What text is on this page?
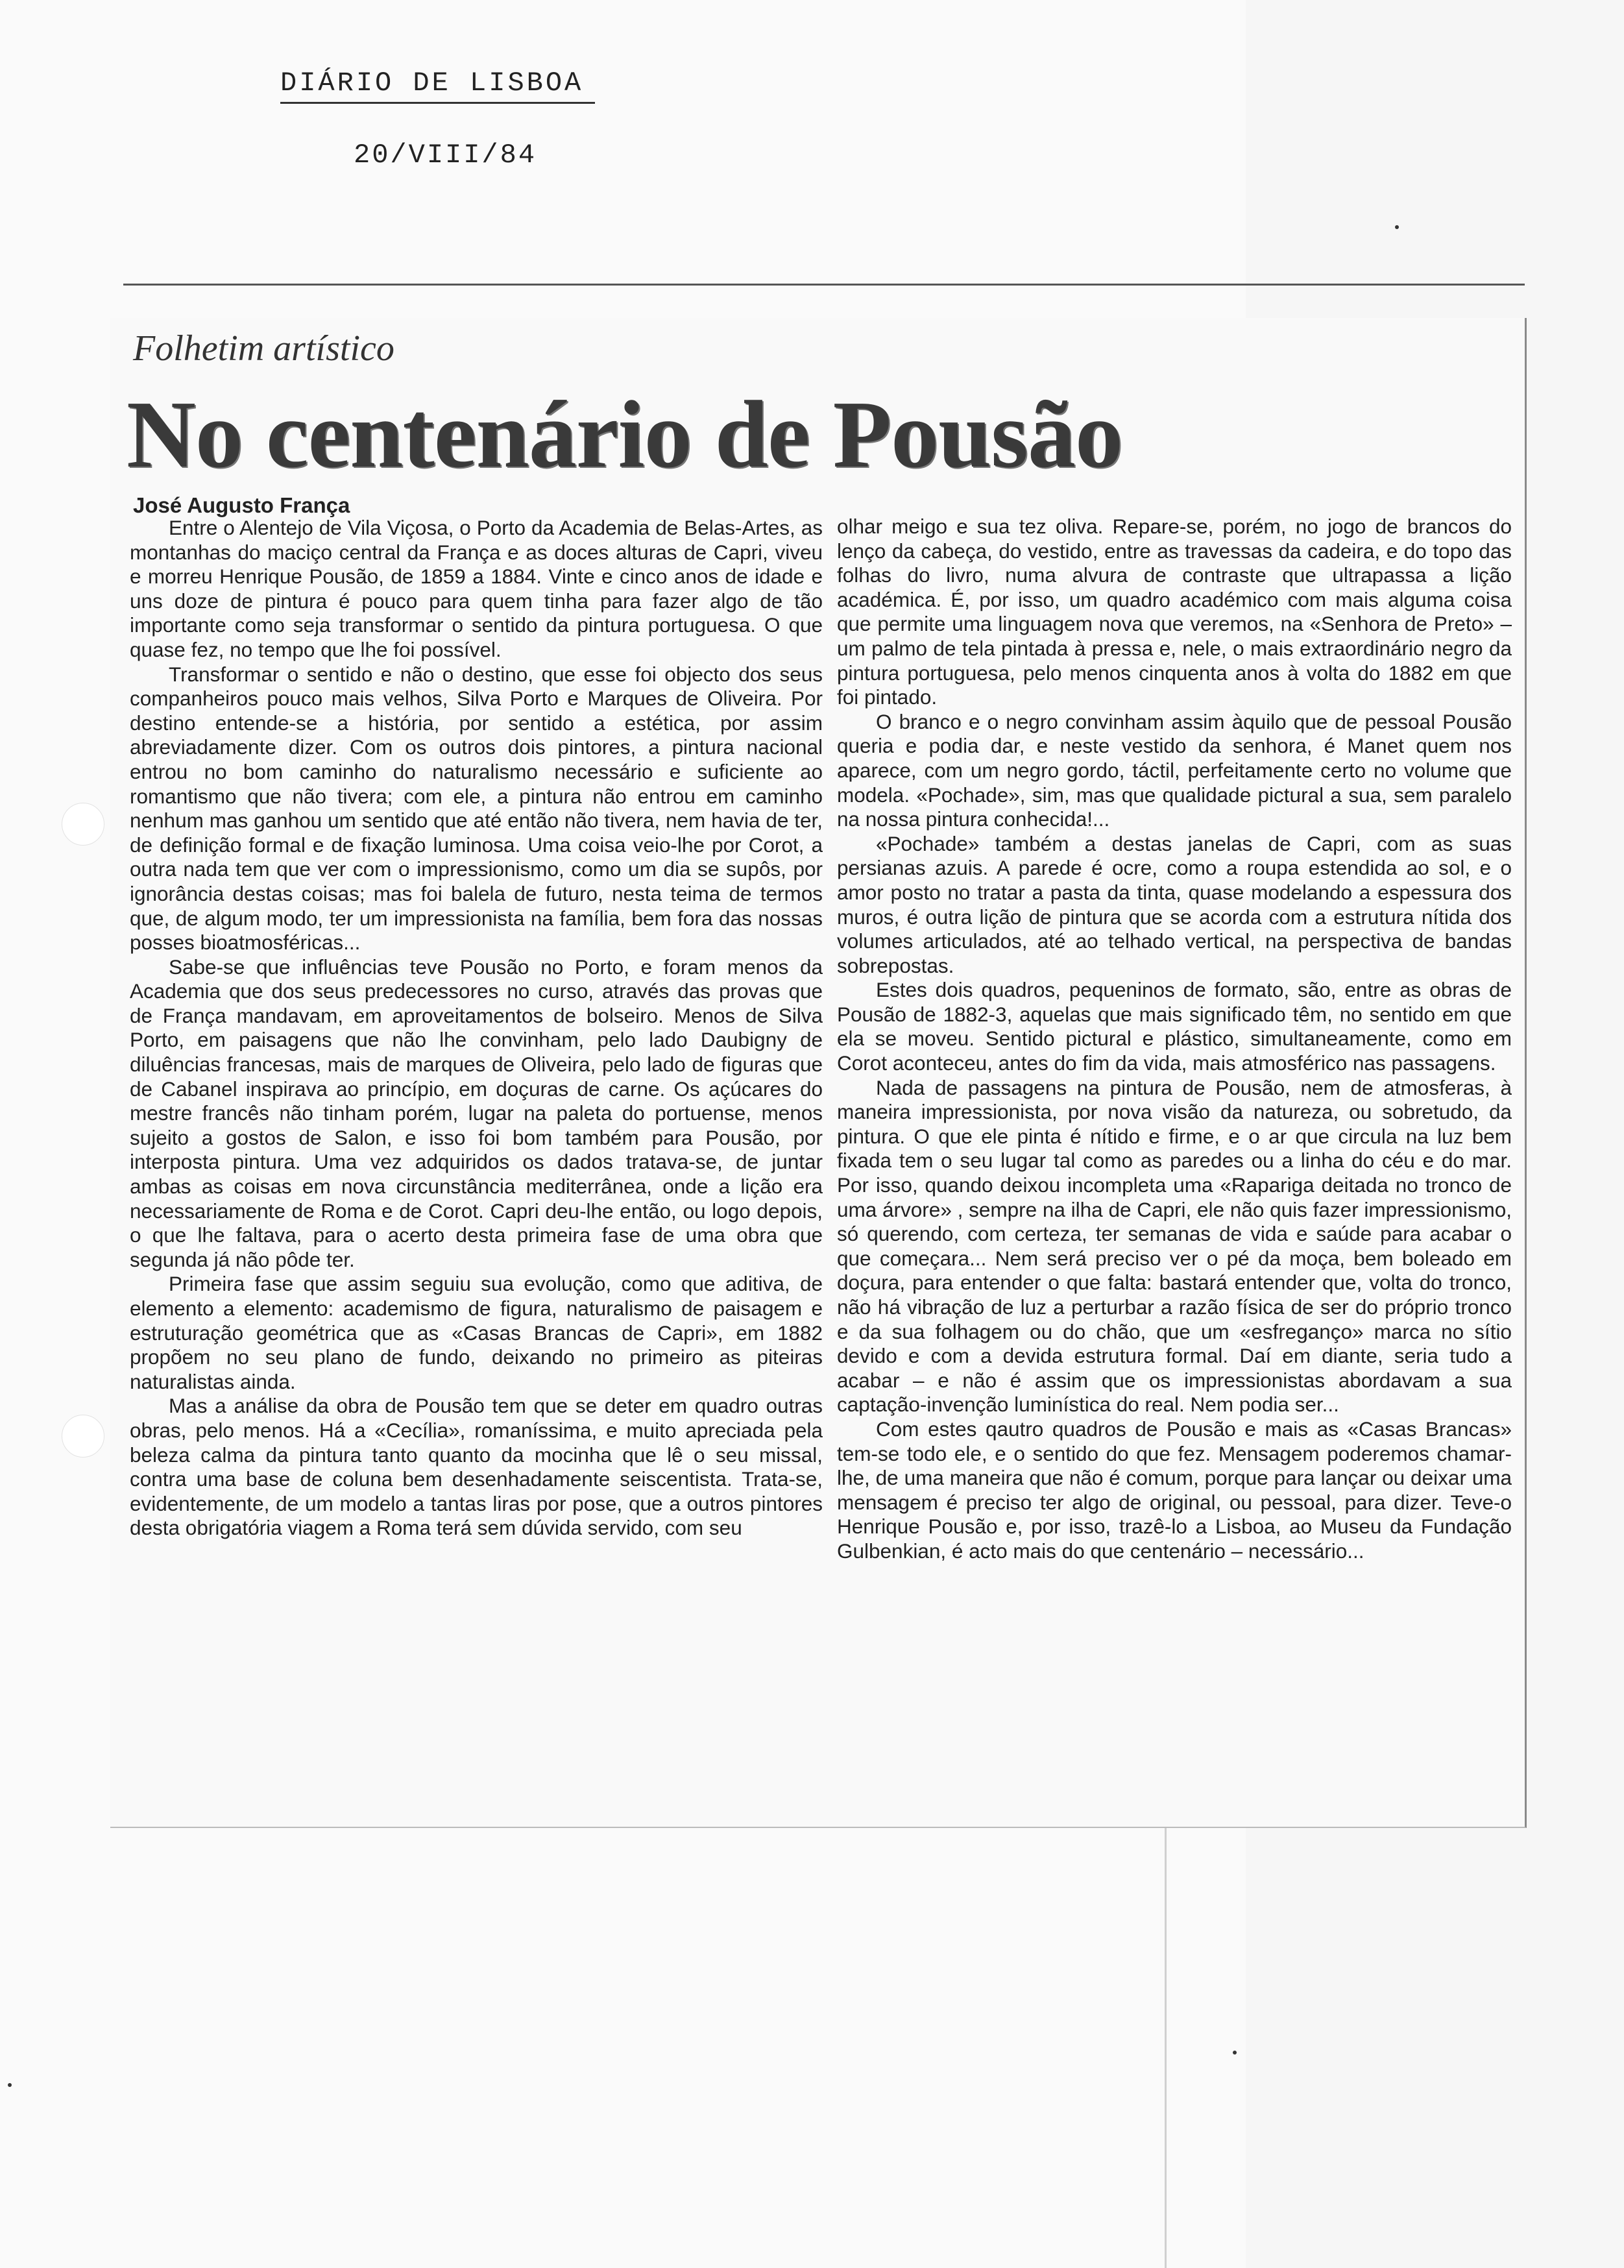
DIÁRIO DE LISBOA
20/VIII/84
Folhetim artístico
No centenário de Pousão
José Augusto França

Entre o Alentejo de Vila Viçosa, o Porto da Academia de Belas-Artes, as montanhas do maciço central da França e as doces alturas de Capri, viveu e morreu Henrique Pousão, de 1859 a 1884. Vinte e cinco anos de idade e uns doze de pintura é pouco para quem tinha para fazer algo de tão importante como seja transformar o sentido da pintura portuguesa. O que quase fez, no tempo que lhe foi possível.

Transformar o sentido e não o destino, que esse foi objecto dos seus companheiros pouco mais velhos, Silva Porto e Marques de Oliveira. Por destino entende-se a história, por sentido a estética, por assim abreviadamente dizer. Com os outros dois pintores, a pintura nacional entrou no bom caminho do naturalismo necessário e suficiente ao romantismo que não tivera; com ele, a pintura não entrou em caminho nenhum mas ganhou um sentido que até então não tivera, nem havia de ter, de definição formal e de fixação luminosa. Uma coisa veio-lhe por Corot, a outra nada tem que ver com o impressionismo, como um dia se supôs, por ignorância destas coisas; mas foi balela de futuro, nesta teima de termos que, de algum modo, ter um impressionista na família, bem fora das nossas posses bioatmosféricas...

Sabe-se que influências teve Pousão no Porto, e foram menos da Academia que dos seus predecessores no curso, através das provas que de França mandavam, em aproveitamentos de bolseiro. Menos de Silva Porto, em paisagens que não lhe convinham, pelo lado Daubigny de diluências francesas, mais de marques de Oliveira, pelo lado de figuras que de Cabanel inspirava ao princípio, em doçuras de carne. Os açúcares do mestre francês não tinham porém, lugar na paleta do portuense, menos sujeito a gostos de Salon, e isso foi bom também para Pousão, por interposta pintura. Uma vez adquiridos os dados tratava-se, de juntar ambas as coisas em nova circunstância mediterrânea, onde a lição era necessariamente de Roma e de Corot. Capri deu-lhe então, ou logo depois, o que lhe faltava, para o acerto desta primeira fase de uma obra que segunda já não pôde ter.

Primeira fase que assim seguiu sua evolução, como que aditiva, de elemento a elemento: academismo de figura, naturalismo de paisagem e estruturação geométrica que as «Casas Brancas de Capri», em 1882 propõem no seu plano de fundo, deixando no primeiro as piteiras naturalistas ainda.

Mas a análise da obra de Pousão tem que se deter em quadro outras obras, pelo menos. Há a «Cecília», romaníssima, e muito apreciada pela beleza calma da pintura tanto quanto da mocinha que lê o seu missal, contra uma base de coluna bem desenhadamente seiscentista. Trata-se, evidentemente, de um modelo a tantas liras por pose, que a outros pintores desta obrigatória viagem a Roma terá sem dúvida servido, com seu

olhar meigo e sua tez oliva. Repare-se, porém, no jogo de brancos do lenço da cabeça, do vestido, entre as travessas da cadeira, e do topo das folhas do livro, numa alvura de contraste que ultrapassa a lição académica. É, por isso, um quadro académico com mais alguma coisa que permite uma linguagem nova que veremos, na «Senhora de Preto» – um palmo de tela pintada à pressa e, nele, o mais extraordinário negro da pintura portuguesa, pelo menos cinquenta anos à volta do 1882 em que foi pintado.

O branco e o negro convinham assim àquilo que de pessoal Pousão queria e podia dar, e neste vestido da senhora, é Manet quem nos aparece, com um negro gordo, táctil, perfeitamente certo no volume que modela. «Pochade», sim, mas que qualidade pictural a sua, sem paralelo na nossa pintura conhecida!...

«Pochade» também a destas janelas de Capri, com as suas persianas azuis. A parede é ocre, como a roupa estendida ao sol, e o amor posto no tratar a pasta da tinta, quase modelando a espessura dos muros, é outra lição de pintura que se acorda com a estrutura nítida dos volumes articulados, até ao telhado vertical, na perspectiva de bandas sobrepostas.

Estes dois quadros, pequeninos de formato, são, entre as obras de Pousão de 1882-3, aquelas que mais significado têm, no sentido em que ela se moveu. Sentido pictural e plástico, simultaneamente, como em Corot aconteceu, antes do fim da vida, mais atmosférico nas passagens.

Nada de passagens na pintura de Pousão, nem de atmosferas, à maneira impressionista, por nova visão da natureza, ou sobretudo, da pintura. O que ele pinta é nítido e firme, e o ar que circula na luz bem fixada tem o seu lugar tal como as paredes ou a linha do céu e do mar. Por isso, quando deixou incompleta uma «Rapariga deitada no tronco de uma árvore» , sempre na ilha de Capri, ele não quis fazer impressionismo, só querendo, com certeza, ter semanas de vida e saúde para acabar o que começara... Nem será preciso ver o pé da moça, bem boleado em doçura, para entender o que falta: bastará entender que, volta do tronco, não há vibração de luz a perturbar a razão física de ser do próprio tronco e da sua folhagem ou do chão, que um «esfreganço» marca no sítio devido e com a devida estrutura formal. Daí em diante, seria tudo a acabar – e não é assim que os impressionistas abordavam a sua captação-invenção luminística do real. Nem podia ser...

Com estes qautro quadros de Pousão e mais as «Casas Brancas» tem-se todo ele, e o sentido do que fez. Mensagem poderemos chamar-lhe, de uma maneira que não é comum, porque para lançar ou deixar uma mensagem é preciso ter algo de original, ou pessoal, para dizer. Teve-o Henrique Pousão e, por isso, trazê-lo a Lisboa, ao Museu da Fundação Gulbenkian, é acto mais do que centenário – necessário...
